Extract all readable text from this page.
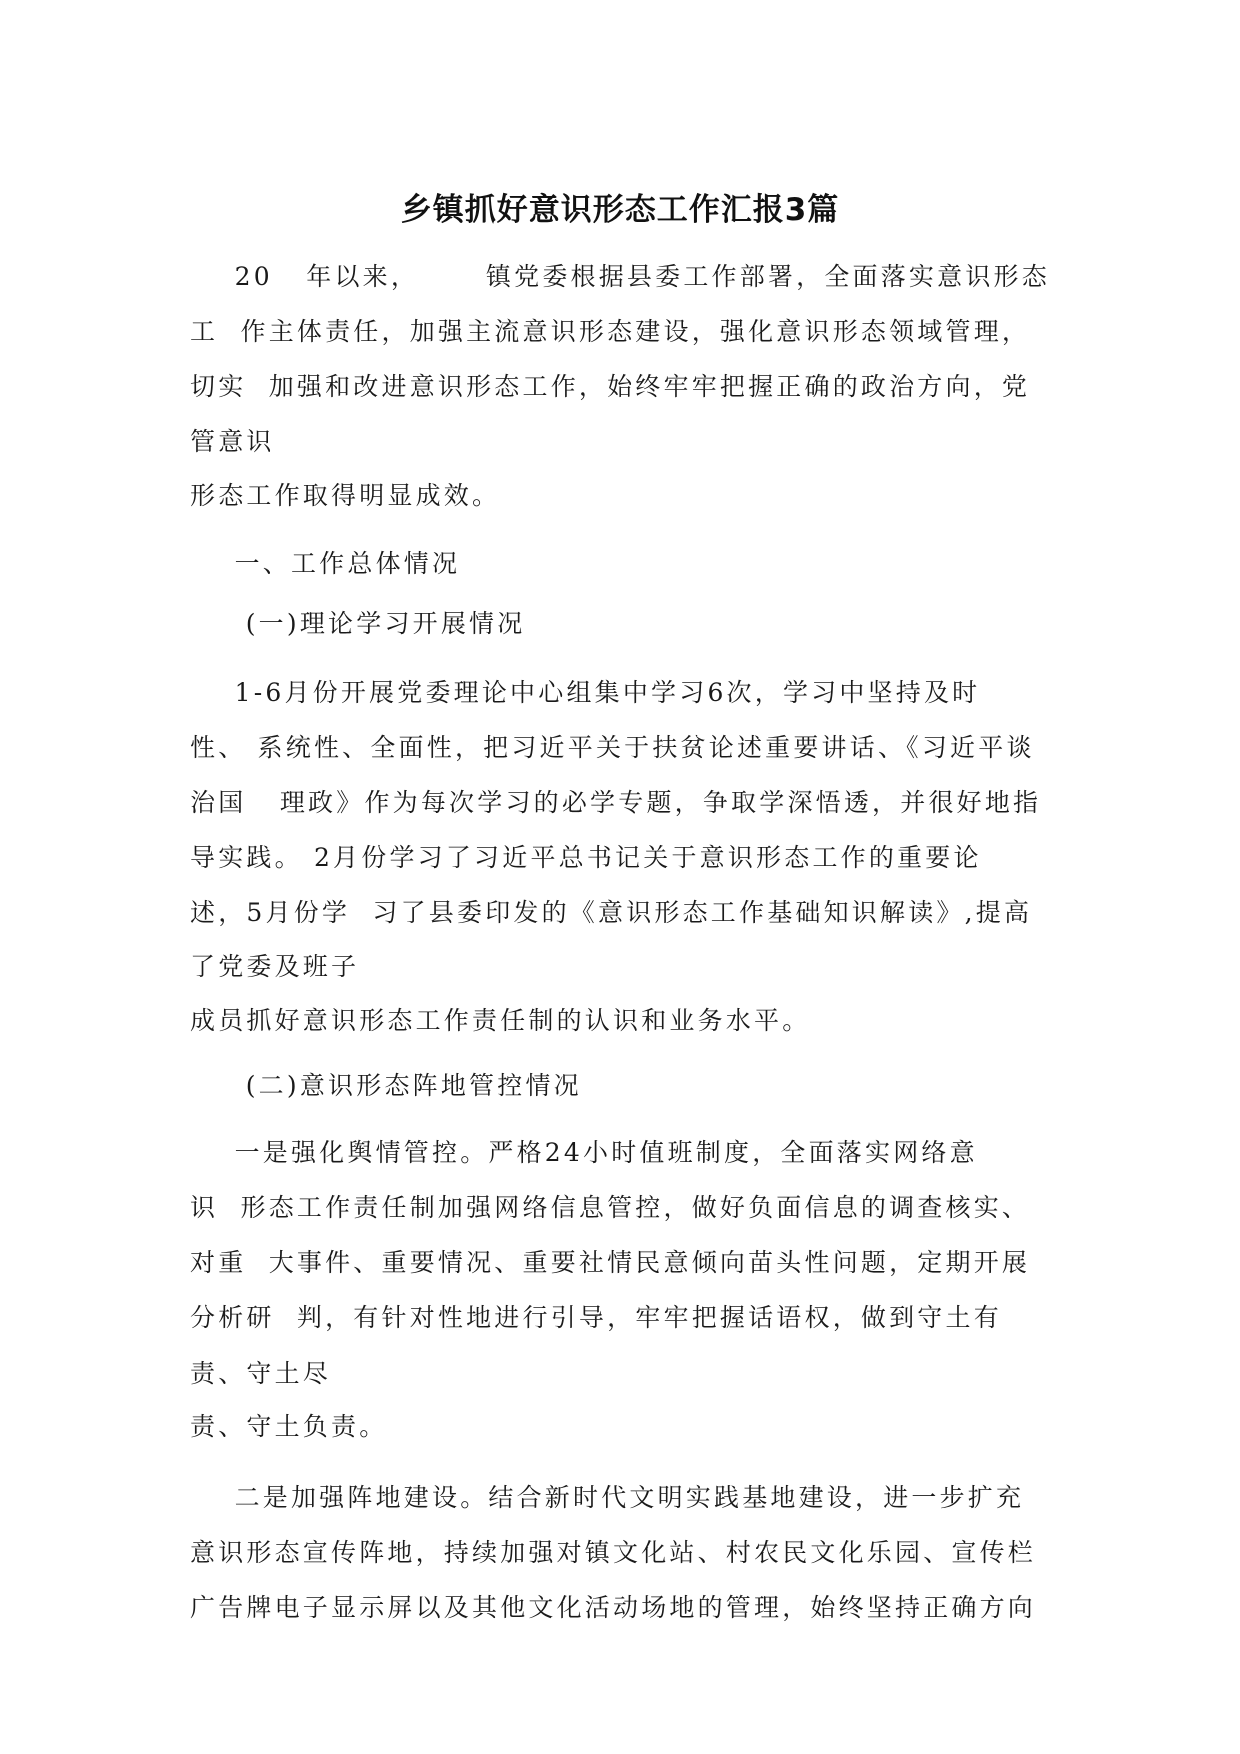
乡镇抓好意识形态工作汇报3篇
20   年以来，      镇党委根据县委工作部署，全面落实意识形态
工  作主体责任，加强主流意识形态建设，强化意识形态领域管理，
切实  加强和改进意识形态工作，始终牢牢把握正确的政治方向，党
管意识
形态工作取得明显成效。
一、工作总体情况
(一)理论学习开展情况
1-6月份开展党委理论中心组集中学习6次，学习中坚持及时
性、 系统性、全面性，把习近平关于扶贫论述重要讲话、《习近平谈
治国   理政》作为每次学习的必学专题，争取学深悟透，并很好地指
导实践。 2月份学习了习近平总书记关于意识形态工作的重要论
述，5月份学  习了县委印发的《意识形态工作基础知识解读》,提高
了党委及班子
成员抓好意识形态工作责任制的认识和业务水平。
(二)意识形态阵地管控情况
一是强化舆情管控。严格24小时值班制度，全面落实网络意
识  形态工作责任制加强网络信息管控，做好负面信息的调查核实、
对重  大事件、重要情况、重要社情民意倾向苗头性问题，定期开展
分析研  判，有针对性地进行引导，牢牢把握话语权，做到守土有
责、守土尽
责、守土负责。
二是加强阵地建设。结合新时代文明实践基地建设，进一步扩充
意识形态宣传阵地，持续加强对镇文化站、村农民文化乐园、宣传栏
广告牌电子显示屏以及其他文化活动场地的管理，始终坚持正确方向
